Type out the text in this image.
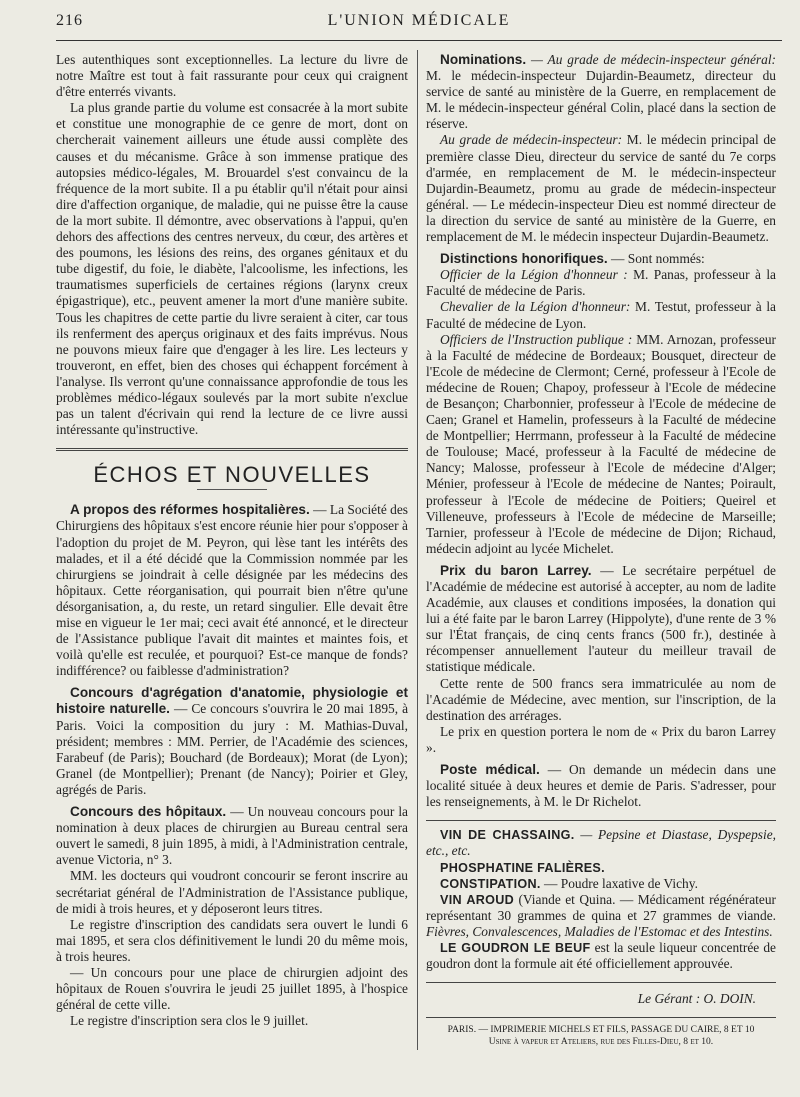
216	L'UNION MÉDICALE

Les autenthiques sont exceptionnelles. La lecture du livre de notre Maître est tout à fait rassurante pour ceux qui craignent d'être enterrés vivants.

La plus grande partie du volume est consacrée à la mort subite et constitue une monographie de ce genre de mort, dont on chercherait vainement ailleurs une étude aussi complète des causes et du mécanisme. Grâce à son immense pratique des autopsies médico-légales, M. Brouardel s'est convaincu de la fréquence de la mort subite. Il a pu établir qu'il n'était pour ainsi dire d'affection organique, de maladie, qui ne puisse être la cause de la mort subite. Il démontre, avec observations à l'appui, qu'en dehors des affections des centres nerveux, du cœur, des artères et des poumons, les lésions des reins, des organes génitaux et du tube digestif, du foie, le diabète, l'alcoolisme, les infections, les traumatismes superficiels de certaines régions (larynx creux épigastrique), etc., peuvent amener la mort d'une manière subite. Tous les chapitres de cette partie du livre seraient à citer, car tous ils renferment des aperçus originaux et des faits imprévus. Nous ne pouvons mieux faire que d'engager à les lire. Les lecteurs y trouveront, en effet, bien des choses qui échappent forcément à l'analyse. Ils verront qu'une connaissance approfondie de tous les problèmes médico-légaux soulevés par la mort subite n'exclue pas un talent d'écrivain qui rend la lecture de ce livre aussi intéressante qu'instructive.

ÉCHOS ET NOUVELLES

A propos des réformes hospitalières. — La Société des Chirurgiens des hôpitaux s'est encore réunie hier pour s'opposer à l'adoption du projet de M. Peyron, qui lèse tant les intérêts des malades, et il a été décidé que la Commission nommée par les chirurgiens se joindrait à celle désignée par les médecins des hôpitaux. Cette réorganisation, qui pourrait bien n'être qu'une désorganisation, a, du reste, un retard singulier. Elle devait être mise en vigueur le 1er mai; ceci avait été annoncé, et le directeur de l'Assistance publique l'avait dit maintes et maintes fois, et voilà qu'elle est reculée, et pourquoi? Est-ce manque de fonds? indifférence? ou faiblesse d'administration?

Concours d'agrégation d'anatomie, physiologie et histoire naturelle. — Ce concours s'ouvrira le 20 mai 1895, à Paris. Voici la composition du jury : M. Mathias-Duval, président; membres : MM. Perrier, de l'Académie des sciences, Farabeuf (de Paris); Bouchard (de Bordeaux); Morat (de Lyon); Granel (de Montpellier); Prenant (de Nancy); Poirier et Gley, agrégés de Paris.

Concours des hôpitaux. — Un nouveau concours pour la nomination à deux places de chirurgien au Bureau central sera ouvert le samedi, 8 juin 1895, à midi, à l'Administration centrale, avenue Victoria, n° 3.

MM. les docteurs qui voudront concourir se feront inscrire au secrétariat général de l'Administration de l'Assistance publique, de midi à trois heures, et y déposeront leurs titres.

Le registre d'inscription des candidats sera ouvert le lundi 6 mai 1895, et sera clos définitivement le lundi 20 du même mois, à trois heures.

— Un concours pour une place de chirurgien adjoint des hôpitaux de Rouen s'ouvrira le jeudi 25 juillet 1895, à l'hospice général de cette ville.

Le registre d'inscription sera clos le 9 juillet.

Nominations. — Au grade de médecin-inspecteur général: M. le médecin-inspecteur Dujardin-Beaumetz, directeur du service de santé au ministère de la Guerre, en remplacement de M. le médecin-inspecteur général Colin, placé dans la section de réserve.

Au grade de médecin-inspecteur: M. le médecin principal de première classe Dieu, directeur du service de santé du 7e corps d'armée, en remplacement de M. le médecin-inspecteur Dujardin-Beaumetz, promu au grade de médecin-inspecteur général. — Le médecin-inspecteur Dieu est nommé directeur de la direction du service de santé au ministère de la Guerre, en remplacement de M. le médecin inspecteur Dujardin-Beaumetz.

Distinctions honorifiques. — Sont nommés:

Officier de la Légion d'honneur : M. Panas, professeur à la Faculté de médecine de Paris.

Chevalier de la Légion d'honneur: M. Testut, professeur à la Faculté de médecine de Lyon.

Officiers de l'Instruction publique : MM. Arnozan, professeur à la Faculté de médecine de Bordeaux; Bousquet, directeur de l'Ecole de médecine de Clermont; Cerné, professeur à l'Ecole de médecine de Rouen; Chapoy, professeur à l'Ecole de médecine de Besançon; Charbonnier, professeur à l'Ecole de médecine de Caen; Granel et Hamelin, professeurs à la Faculté de médecine de Montpellier; Herrmann, professeur à la Faculté de médecine de Toulouse; Macé, professeur à la Faculté de médecine de Nancy; Malosse, professeur à l'Ecole de médecine d'Alger; Ménier, professeur à l'Ecole de médecine de Nantes; Poirault, professeur à l'Ecole de médecine de Poitiers; Queirel et Villeneuve, professeurs à l'Ecole de médecine de Marseille; Tarnier, professeur à l'Ecole de médecine de Dijon; Richaud, médecin adjoint au lycée Michelet.

Prix du baron Larrey. — Le secrétaire perpétuel de l'Académie de médecine est autorisé à accepter, au nom de ladite Académie, aux clauses et conditions imposées, la donation qui lui a été faite par le baron Larrey (Hippolyte), d'une rente de 3 % sur l'État français, de cinq cents francs (500 fr.), destinée à récompenser annuellement l'auteur du meilleur travail de statistique médicale.

Cette rente de 500 francs sera immatriculée au nom de l'Académie de Médecine, avec mention, sur l'inscription, de la destination des arrérages.

Le prix en question portera le nom de « Prix du baron Larrey ».

Poste médical. — On demande un médecin dans une localité située à deux heures et demie de Paris. S'adresser, pour les renseignements, à M. le Dr Richelot.

VIN DE CHASSAING. — Pepsine et Diastase, Dyspepsie, etc., etc.

PHOSPHATINE FALIÈRES.

CONSTIPATION. — Poudre laxative de Vichy.

VIN AROUD (Viande et Quina. — Médicament régénérateur représentant 30 grammes de quina et 27 grammes de viande. Fièvres, Convalescences, Maladies de l'Estomac et des Intestins.

LE GOUDRON LE BEUF est la seule liqueur concentrée de goudron dont la formule ait été officiellement approuvée.

Le Gérant : O. DOIN.
PARIS. — IMPRIMERIE MICHELS ET FILS, PASSAGE DU CAIRE, 8 ET 10
Usine à vapeur et Ateliers, rue des Filles-Dieu, 8 et 10.
